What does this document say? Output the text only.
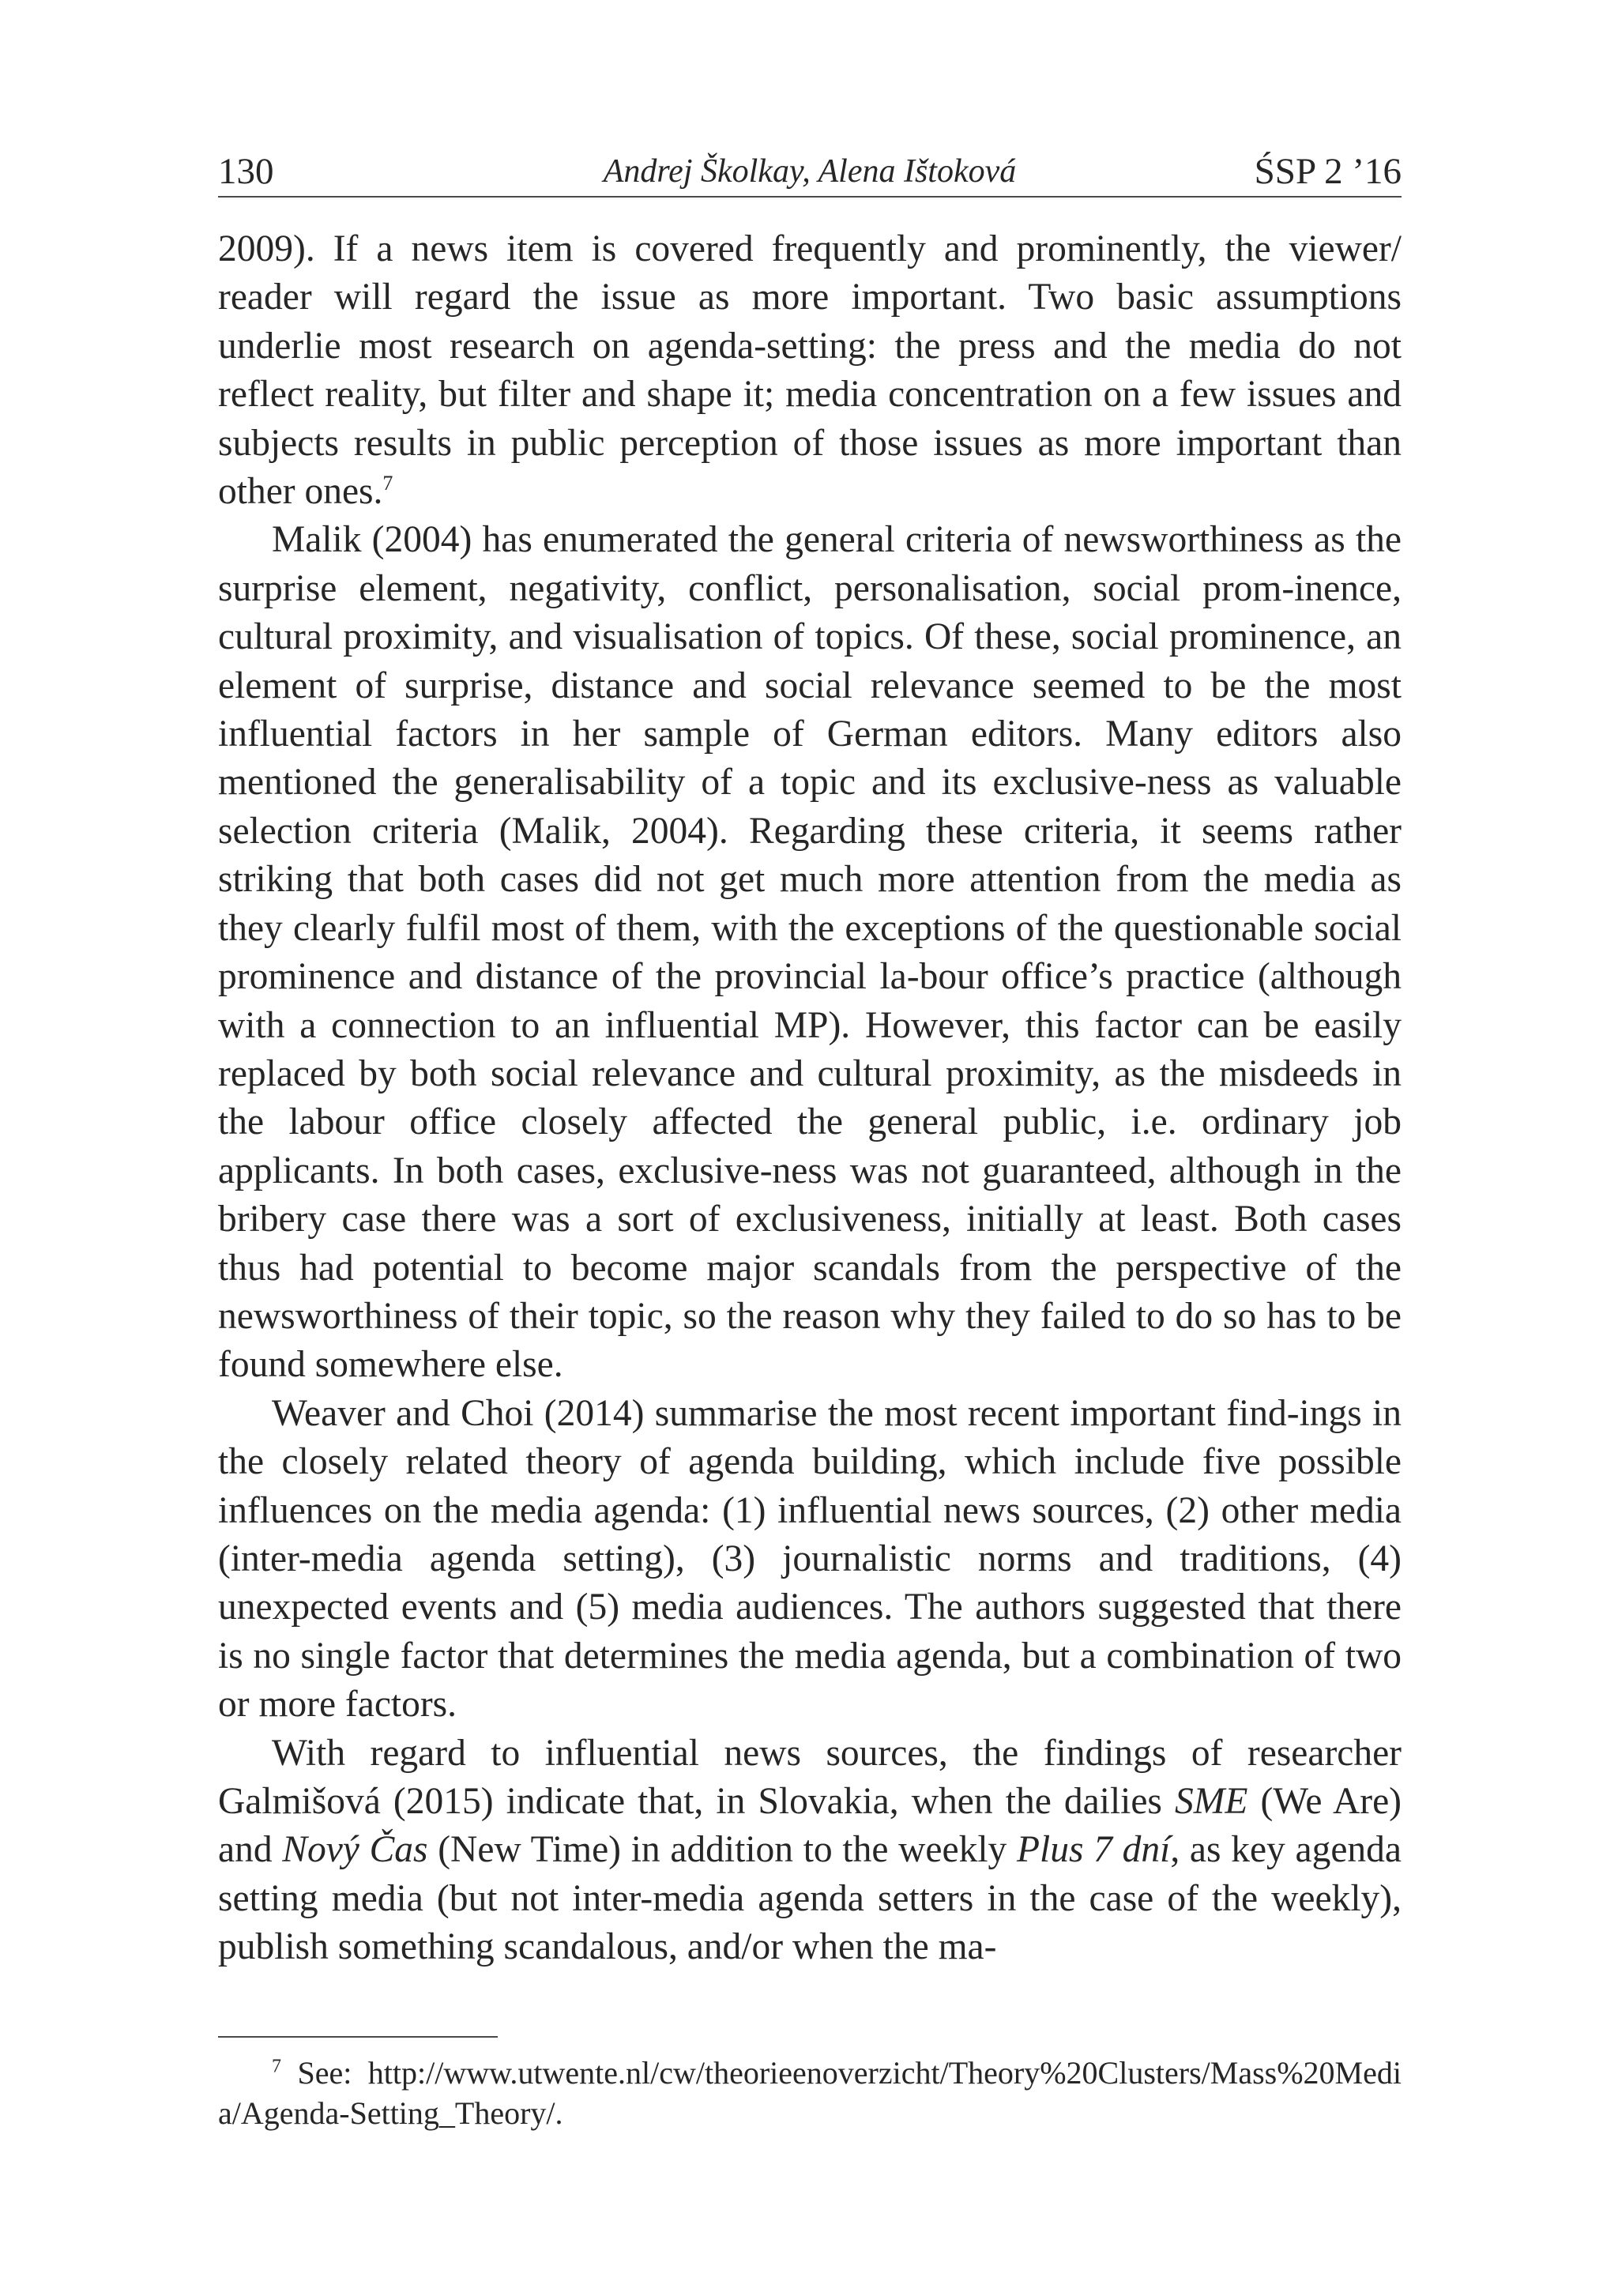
130	Andrej Školkay, Alena Ištoková	ŚSP 2 ’16

2009). If a news item is covered frequently and prominently, the viewer/ reader will regard the issue as more important. Two basic assumptions underlie most research on agenda-setting: the press and the media do not reflect reality, but filter and shape it; media concentration on a few issues and subjects results in public perception of those issues as more important than other ones.$^7$

Malik (2004) has enumerated the general criteria of newsworthiness as the surprise element, negativity, conflict, personalisation, social prom-inence, cultural proximity, and visualisation of topics. Of these, social prominence, an element of surprise, distance and social relevance seemed to be the most influential factors in her sample of German editors. Many editors also mentioned the generalisability of a topic and its exclusive-ness as valuable selection criteria (Malik, 2004). Regarding these criteria, it seems rather striking that both cases did not get much more attention from the media as they clearly fulfil most of them, with the exceptions of the questionable social prominence and distance of the provincial la-bour office’s practice (although with a connection to an influential MP). However, this factor can be easily replaced by both social relevance and cultural proximity, as the misdeeds in the labour office closely affected the general public, i.e. ordinary job applicants. In both cases, exclusive-ness was not guaranteed, although in the bribery case there was a sort of exclusiveness, initially at least. Both cases thus had potential to become major scandals from the perspective of the newsworthiness of their topic, so the reason why they failed to do so has to be found somewhere else.

Weaver and Choi (2014) summarise the most recent important find-ings in the closely related theory of agenda building, which include five possible influences on the media agenda: (1) influential news sources, (2) other media (inter-media agenda setting), (3) journalistic norms and traditions, (4) unexpected events and (5) media audiences. The authors suggested that there is no single factor that determines the media agenda, but a combination of two or more factors.

With regard to influential news sources, the findings of researcher Galmišová (2015) indicate that, in Slovakia, when the dailies SME (We Are) and Nový Čas (New Time) in addition to the weekly Plus 7 dní, as key agenda setting media (but not inter-media agenda setters in the case of the weekly), publish something scandalous, and/or when the ma-

$^7$ See: http://www.utwente.nl/cw/theorieenoverzicht/Theory%20Clusters/Mass%20Media/Agenda-Setting_Theory/.
